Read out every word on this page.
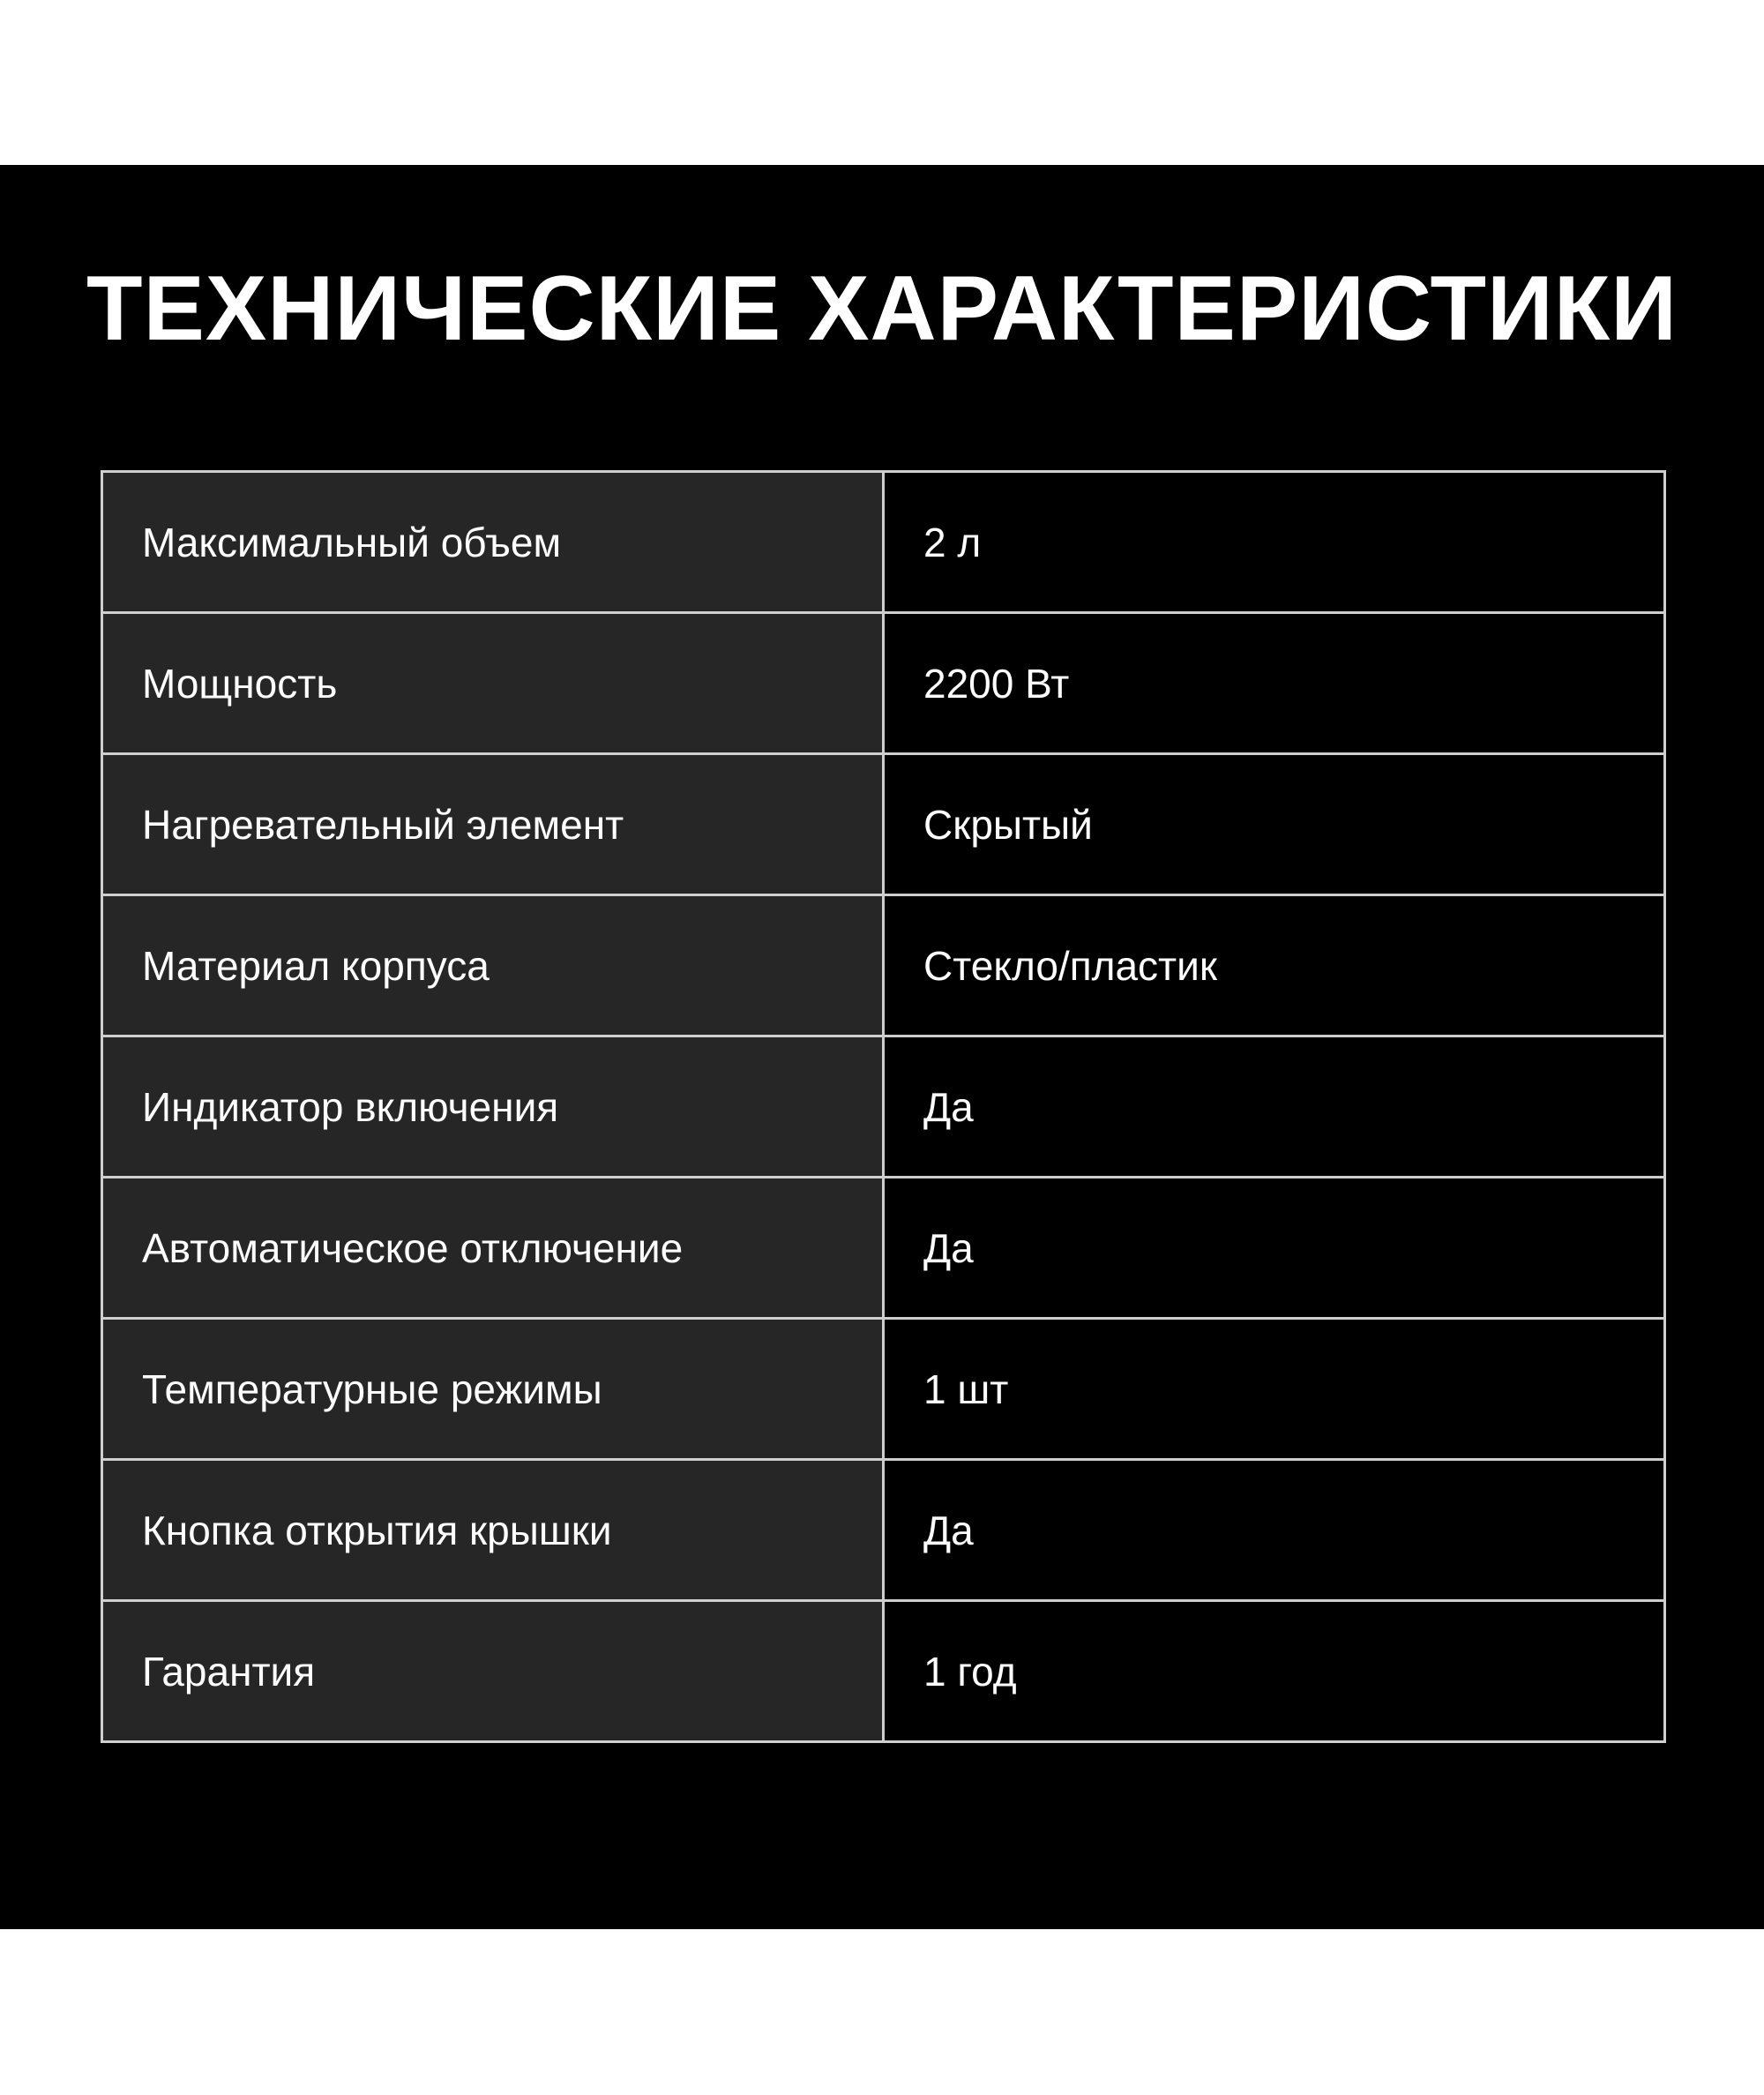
ТЕХНИЧЕСКИЕ ХАРАКТЕРИСТИКИ
Максимальный объем	2 л
Мощность	2200 Вт
Нагревательный элемент	Скрытый
Материал корпуса	Стекло/пластик
Индикатор включения	Да
Автоматическое отключение	Да
Температурные режимы	1 шт
Кнопка открытия крышки	Да
Гарантия	1 год
